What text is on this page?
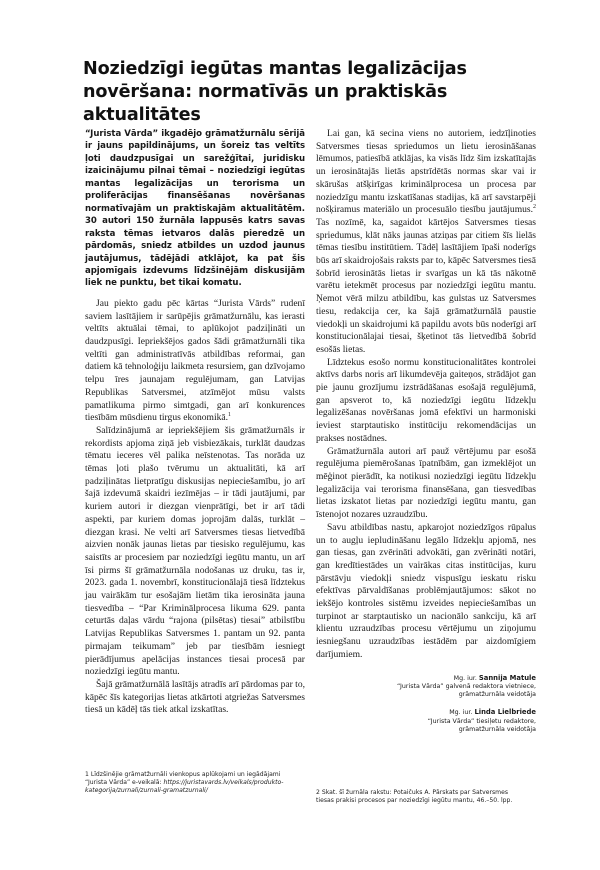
Noziedzīgi iegūtas mantas legalizācijas novēršana: normatīvās un praktiskās aktualitātes

“Jurista Vārda” ikgadējo grāmatžurnālu sērijā ir jauns papildinājums, un šoreiz tas veltīts ļoti daudzpusīgai un sarežģītai, juridisku izaicinājumu pilnai tēmai – noziedzīgi iegūtas mantas legalizācijas un terorisma un proliferācijas finansēšanas novēršanas normatīvajām un praktiskajām aktualitātēm. 30 autori 150 žurnāla lappusēs katrs savas raksta tēmas ietvaros dalās pieredzē un pārdomās, sniedz atbildes un uzdod jaunus jautājumus, tādējādi atklājot, ka pat šis apjomīgais izdevums līdzšinējām diskusijām liek ne punktu, bet tikai komatu.

Jau piekto gadu pēc kārtas “Jurista Vārds” rudenī saviem lasītājiem ir sarūpējis grāmatžurnālu, kas ierasti veltīts aktuālai tēmai, to aplūkojot padziļināti un daudzpusīgi. Iepriekšējos gados šādi grāmatžurnāli tika veltīti gan administratīvās atbildības reformai, gan datiem kā tehnoloģiju laikmeta resursiem, gan dzīvojamo telpu īres jaunajam regulējumam, gan Latvijas Republikas Satversmei, atzīmējot mūsu valsts pamatlikuma pirmo simtgadi, gan arī konkurences tiesībām mūsdienu tirgus ekonomikā.$^1$

Salīdzinājumā ar iepriekšējiem šis grāmatžurnāls ir rekordists apjoma ziņā jeb visbiezākais, turklāt daudzas tēmatu ieceres vēl palika neīstenotas. Tas norāda uz tēmas ļoti plašo tvērumu un aktualitāti, kā arī padziļinātas lietpratīgu diskusijas nepieciešamību, jo arī šajā izdevumā skaidri iezīmējas – ir tādi jautājumi, par kuriem autori ir diezgan vienprātīgi, bet ir arī tādi aspekti, par kuriem domas joprojām dalās, turklāt – diezgan krasi. Ne velti arī Satversmes tiesas lietvedībā aizvien nonāk jaunas lietas par tiesisko regulējumu, kas saistīts ar procesiem par noziedzīgi iegūtu mantu, un arī īsi pirms šī grāmatžurnāla nodošanas uz druku, tas ir, 2023. gada 1. novembrī, konstitucionālajā tiesā līdztekus jau vairākām tur esošajām lietām tika ierosināta jauna tiesvedība – “Par Kriminālprocesa likuma 629. panta ceturtās daļas vārdu “rajona (pilsētas) tiesai” atbilstību Latvijas Republikas Satversmes 1. pantam un 92. panta pirmajam teikumam” jeb par tiesībām iesniegt pierādījumus apelācijas instances tiesai procesā par noziedzīgi iegūtu mantu.

Šajā grāmatžurnālā lasītājs atradīs arī pārdomas par to, kāpēc šīs kategorijas lietas atkārtoti atgriežas Satversmes tiesā un kādēļ tās tiek atkal izskatītas.

Lai gan, kā secina viens no autoriem, iedzīļinoties Satversmes tiesas spriedumos un lietu ierosināšanas lēmumos, patiesībā atklājas, ka visās līdz šim izskatītajās un ierosinātajās lietās apstrīdētās normas skar vai ir skārušas atšķirīgas kriminālprocesa un procesa par noziedzīgu mantu izskatīšanas stadijas, kā arī savstarpēji nošķiramus materiālo un procesuālo tiesību jautājumus.$^2$ Tas nozīmē, ka, sagaidot kārtējos Satversmes tiesas spriedumus, klāt nāks jaunas atziņas par citiem šīs lielās tēmas tiesību institūtiem. Tādēļ lasītājiem īpaši noderīgs būs arī skaidrojošais raksts par to, kāpēc Satversmes tiesā šobrīd ierosinātās lietas ir svarīgas un kā tās nākotnē varētu ietekmēt procesus par noziedzīgi iegūtu mantu. Ņemot vērā milzu atbildību, kas gulstas uz Satversmes tiesu, redakcija cer, ka šajā grāmatžurnālā paustie viedokļi un skaidrojumi kā papildu avots būs noderīgi arī konstitucionālajai tiesai, šķetinot tās lietvedībā šobrīd esošās lietas.

Līdztekus esošo normu konstitucionalitātes kontrolei aktīvs darbs noris arī likumdevēja gaiteņos, strādājot gan pie jaunu grozījumu izstrādāšanas esošajā regulējumā, gan apsverot to, kā noziedzīgi iegūtu līdzekļu legalizēšanas novēršanas jomā efektīvi un harmoniski ieviest starptautisko institūciju rekomendācijas un prakses nostādnes.

Grāmatžurnāla autori arī pauž vērtējumu par esošā regulējuma piemērošanas īpatnībām, gan izmeklējot un mēģinot pierādīt, ka notikusi noziedzīgi iegūtu līdzekļu legalizācija vai terorisma finansēšana, gan tiesvedības lietas izskatot lietas par noziedzīgi iegūtu mantu, gan īstenojot nozares uzraudzību.

Savu atbildības nastu, apkarojot noziedzīgos rūpalus un to augļu iepludināšanu legālo līdzekļu apjomā, nes gan tiesas, gan zvērināti advokāti, gan zvērināti notāri, gan kredītiestādes un vairākas citas institūcijas, kuru pārstāvju viedokļi sniedz vispusīgu ieskatu risku efektīvas pārvaldīšanas problēmjautājumos: sākot no iekšējo kontroles sistēmu izveides nepieciešamības un turpinot ar starptautisko un nacionālo sankciju, kā arī klientu uzraudzības procesu vērtējumu un ziņojumu iesniegšanu uzraudzības iestādēm par aizdomīgiem darījumiem.

Mg. iur. Sannija Matule
“Jurista Vārda” galvenā redaktora vietniece,
grāmatžurnāla veidotāja
Mg. iur. Linda Lielbriede
“Jurista Vārda” tiesiļetu redaktore,
grāmatžurnāla veidotāja
1 Līdzšinējie grāmatžurnāli vienkopus aplūkojami un iegādājami “Jurista Vārda” e-veikalā: https://juristavards.lv/veikals/produkto-kategorija/zurnali/zurnali-gramatzurnali/	2 Skat. šī žurnāla rakstu: Potaičuks A. Pārskats par Satversmes tiesas prakisi procesos par noziedzīgi iegūtu mantu, 46.–50. lpp.
